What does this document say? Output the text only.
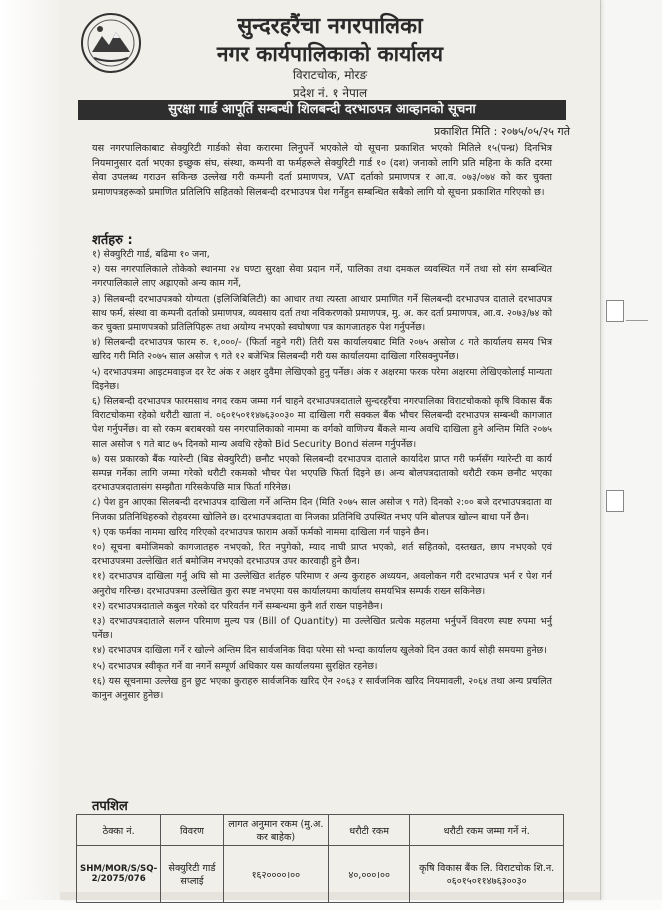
सुन्दरहरैंचा नगरपालिका
नगर कार्यपालिकाको कार्यालय
विराटचोक, मोरङ
प्रदेश नं. १ नेपाल
सुरक्षा गार्ड आपूर्ति सम्बन्धी शिलबन्दी दरभाउपत्र आव्हानको सूचना
प्रकाशित मिति : २०७५/०५/२५ गते

यस नगरपालिकाबाट सेक्युरिटी गार्डको सेवा करारमा लिनुपर्ने भएकोले यो सूचना प्रकाशित भएको मितिले १५(पन्ध्र) दिनभित्र नियमानुसार दर्ता भएका इच्छुक संघ, संस्था, कम्पनी वा फर्महरूले सेक्युरिटी गार्ड १० (दश) जनाको लागि प्रति महिना के कति दरमा सेवा उपलब्ध गराउन सकिन्छ उल्लेख गरी कम्पनी दर्ता प्रमाणपत्र, VAT दर्ताको प्रमाणपत्र र आ.व. ०७३/०७४ को कर चुक्ता प्रमाणपत्रहरूको प्रमाणित प्रतिलिपि सहितको सिलबन्दी दरभाउपत्र पेश गर्नेहुन सम्बन्धित सबैको लागि यो सूचना प्रकाशित गरिएको छ।

शर्तहरु :
१) सेक्युरिटी गार्ड, बढिमा १० जना,
२) यस नगरपालिकाले तोकेको स्थानमा २४ घण्टा सुरक्षा सेवा प्रदान गर्ने, पालिका तथा दमकल व्यवस्थित गर्ने तथा सो संग सम्बन्धित नगरपालिकाले लाए अह्राएको अन्य काम गर्ने,
३) सिलबन्दी दरभाउपत्रको योग्यता (इलिजिबिलिटी) का आधार तथा त्यस्ता आधार प्रमाणित गर्ने सिलबन्दी दरभाउपत्र दाताले दरभाउपत्र साथ फर्म, संस्था वा कम्पनी दर्ताको प्रमाणपत्र, व्यवसाय दर्ता तथा नविकरणको प्रमाणपत्र, मु. अ. कर दर्ता प्रमाणपत्र, आ.व. २०७३/७४ को कर चुक्ता प्रमाणपत्रको प्रतिलिपिहरू तथा अयोग्य नभएको स्वघोषणा पत्र कागजातहरु पेश गर्नुपर्नेछ।
४) सिलबन्दी दरभाउपत्र फारम रु. १,०००/- (फिर्ता नहुने गरी) तिरी यस कार्यालयबाट मिति २०७५ असोज ८ गते कार्यालय समय भित्र खरिद गरी मिति २०७५ साल असोज ९ गते १२ बजेभित्र सिलबन्दी गरी यस कार्यालयमा दाखिला गरिसक्नुपर्नेछ।
५) दरभाउपत्रमा आइटमवाइज दर रेट अंक र अक्षर दुवैमा लेखिएको हुनु पर्नेछ। अंक र अक्षरमा फरक परेमा अक्षरमा लेखिएकोलाई मान्यता दिइनेछ।
६) सिलबन्दी दरभाउपत्र फारमसाथ नगद रकम जम्मा गर्न चाहने दरभाउपत्रदाताले सुन्दरहरैंचा नगरपालिका विराटचोकको कृषि विकास बैंक विराटचोकमा रहेको धरौटी खाता नं. ०६०१५०११४७६३००३० मा दाखिला गरी सक्कल बैंक भौचर सिलबन्दी दरभाउपत्र सम्बन्धी कागजात पेश गर्नुपर्नेछ। वा सो रकम बराबरको यस नगरपालिकाको नाममा क वर्गको वाणिज्य बैंकले मान्य अवधि दाखिला हुने अन्तिम मिति २०७५ साल असोज ९ गते बाट ७५ दिनको मान्य अवधि रहेको Bid Security Bond संलग्न गर्नुपर्नेछ।
७) यस प्रकारको बैंक ग्यारेन्टी (बिड सेक्युरिटी) छनौट भएको सिलबन्दी दरभाउपत्र दाताले कार्यादेश प्राप्त गरी फर्मसँग ग्यारेन्टी वा कार्य सम्पन्न गर्नेका लागि जम्मा गरेको धरौटी रकमको भौचर पेश भएपछि फिर्ता दिइने छ। अन्य बोलपत्रदाताको धरौटी रकम छनौट भएका दरभाउपत्रदातासंग सम्झौता गरिसकेपछि मात्र फिर्ता गरिनेछ।
८) पेश हुन आएका सिलबन्दी दरभाउपत्र दाखिला गर्ने अन्तिम दिन (मिति २०७५ साल असोज ९ गते) दिनको २:०० बजे दरभाउपत्रदाता वा निजका प्रतिनिधिहरुको रोहवरमा खोलिने छ। दरभाउपत्रदाता वा निजका प्रतिनिधि उपस्थित नभए पनि बोलपत्र खोल्न बाधा पर्ने छैन।
९) एक फर्मका नाममा खरिद गरिएको दरभाउपत्र फाराम अर्को फर्मको नाममा दाखिला गर्न पाइने छैन।
१०) सूचना बमोजिमको कागजातहरु नभएको, रित नपुगेको, म्याद नाघी प्राप्त भएको, शर्त सहितको, दस्तखत, छाप नभएको एवं दरभाउपत्रमा उल्लेखित शर्त बमोजिम नभएको दरभाउपत्र उपर कारवाही हुने छैन।
११) दरभाउपत्र दाखिला गर्नु अघि सो मा उल्लेखित शर्तहरु परिमाण र अन्य कुराहरु अध्ययन, अवलोकन गरी दरभाउपत्र भर्न र पेश गर्न अनुरोध गरिन्छ। दरभाउपत्रमा उल्लेखित कुरा स्पष्ट नभएमा यस कार्यालयमा कार्यालय समयभित्र सम्पर्क राख्न सकिनेछ।
१२) दरभाउपत्रदाताले कबुल गरेको दर परिवर्तन गर्ने सम्बन्धमा कुनै शर्त राख्न पाइनेछैन।
१३) दरभाउपत्रदाताले सलग्न परिमाण मुल्य पत्र (Bill of Quantity) मा उल्लेखित प्रत्येक महलमा भर्नुपर्ने विवरण स्पष्ट रुपमा भर्नु पर्नेछ।
१४) दरभाउपत्र दाखिला गर्ने र खोल्ने अन्तिम दिन सार्वजनिक विदा परेमा सो भन्दा कार्यालय खुलेको दिन उक्त कार्य सोही समयमा हुनेछ।
१५) दरभाउपत्र स्वीकृत गर्ने वा नगर्ने सम्पूर्ण अधिकार यस कार्यालयमा सुरक्षित रहनेछ।
१६) यस सूचनामा उल्लेख हुन छुट भएका कुराहरु सार्वजनिक खरिद ऐन २०६३ र सार्वजनिक खरिद नियमावली, २०६४ तथा अन्य प्रचलित कानुन अनुसार हुनेछ।
तपशिल
ठेक्का नं.	विवरण	लागत अनुमान रकम (मु.अ. कर बाहेक)	धरौटी रकम	धरौटी रकम जम्मा गर्ने नं.
SHM/MOR/S/SQ-2/2075/076	सेक्युरिटी गार्ड सप्लाई	१६२००००।००	४०,०००।००	कृषि विकास बैंक लि. विराटचोक शि.न. ०६०१५०११४७६३००३०
